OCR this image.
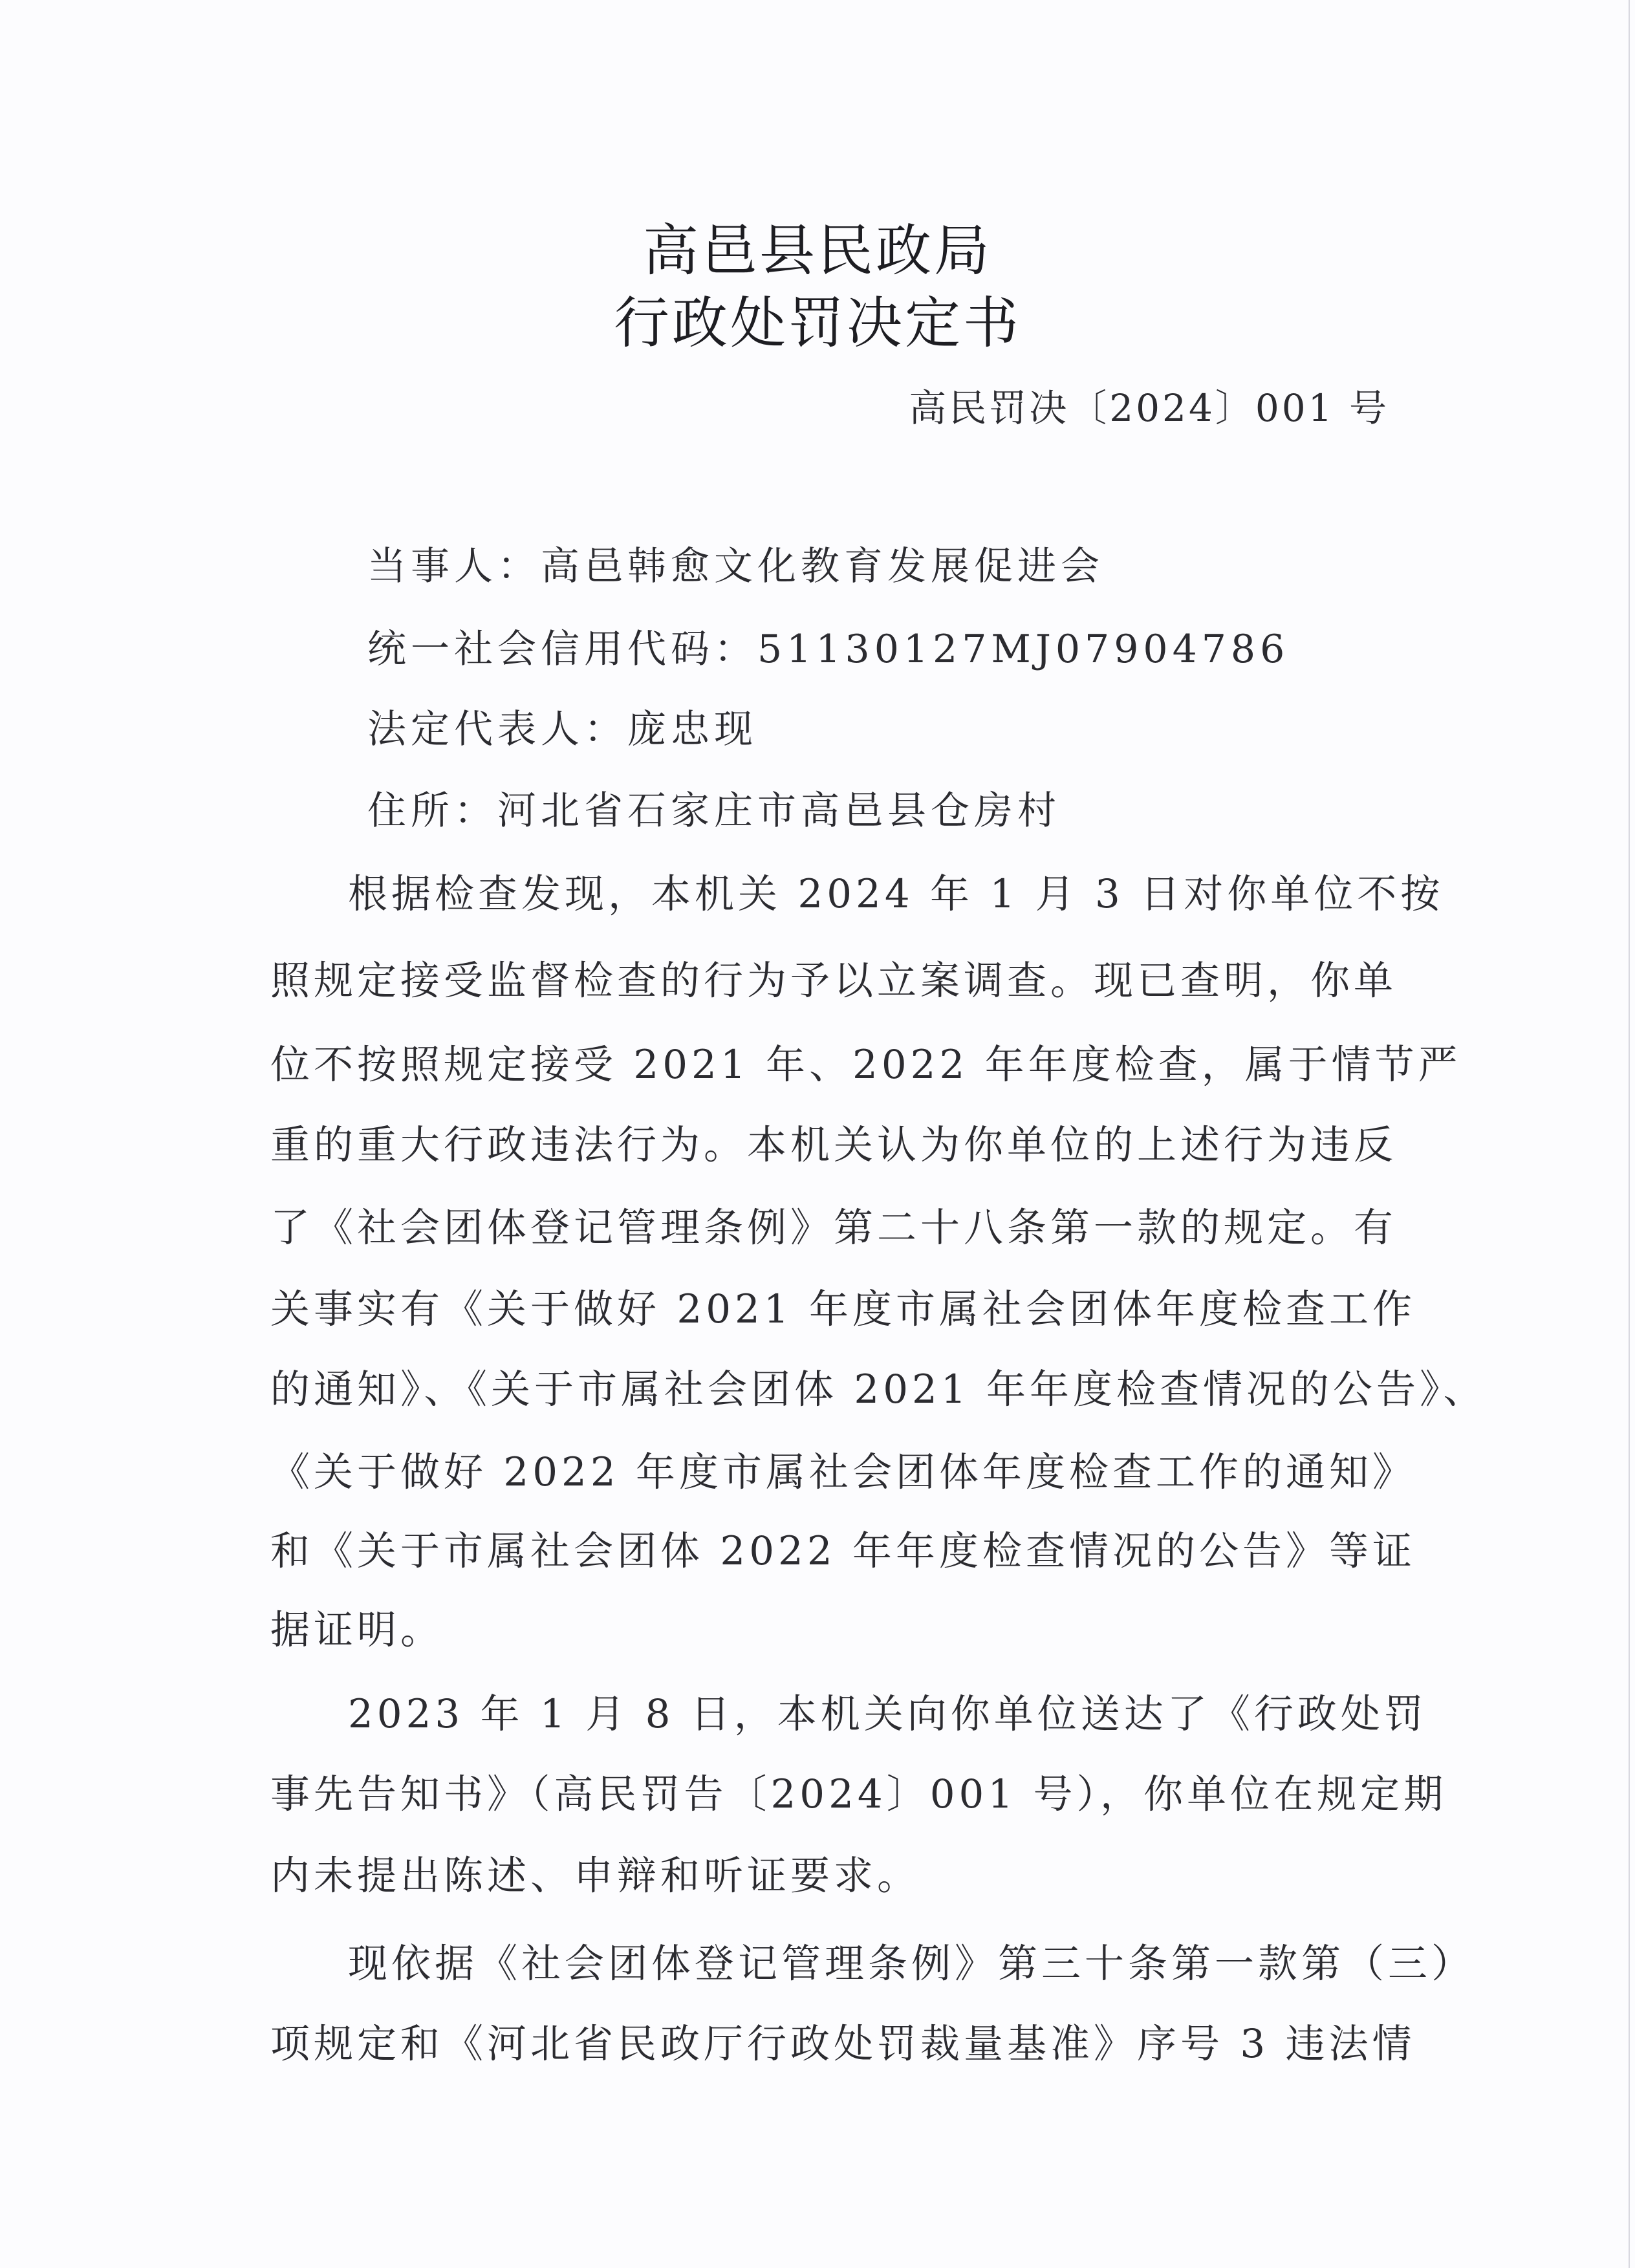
高邑县民政局
行政处罚决定书
高民罚决〔2024〕001 号
当事人：高邑韩愈文化教育发展促进会
统一社会信用代码：51130127MJ07904786
法定代表人：庞忠现
住所：河北省石家庄市高邑县仓房村
根据检查发现，本机关 2024 年 1 月 3 日对你单位不按
照规定接受监督检查的行为予以立案调查。现已查明，你单
位不按照规定接受 2021 年、2022 年年度检查，属于情节严
重的重大行政违法行为。本机关认为你单位的上述行为违反
了《社会团体登记管理条例》第二十八条第一款的规定。有
关事实有《关于做好 2021 年度市属社会团体年度检查工作
的通知》、《关于市属社会团体 2021 年年度检查情况的公告》、
《关于做好 2022 年度市属社会团体年度检查工作的通知》
和《关于市属社会团体 2022 年年度检查情况的公告》等证
据证明。
2023 年 1 月 8 日，本机关向你单位送达了《行政处罚
事先告知书》（高民罚告〔2024〕001 号），你单位在规定期
内未提出陈述、申辩和听证要求。
现依据《社会团体登记管理条例》第三十条第一款第（三）
项规定和《河北省民政厅行政处罚裁量基准》序号 3 违法情
